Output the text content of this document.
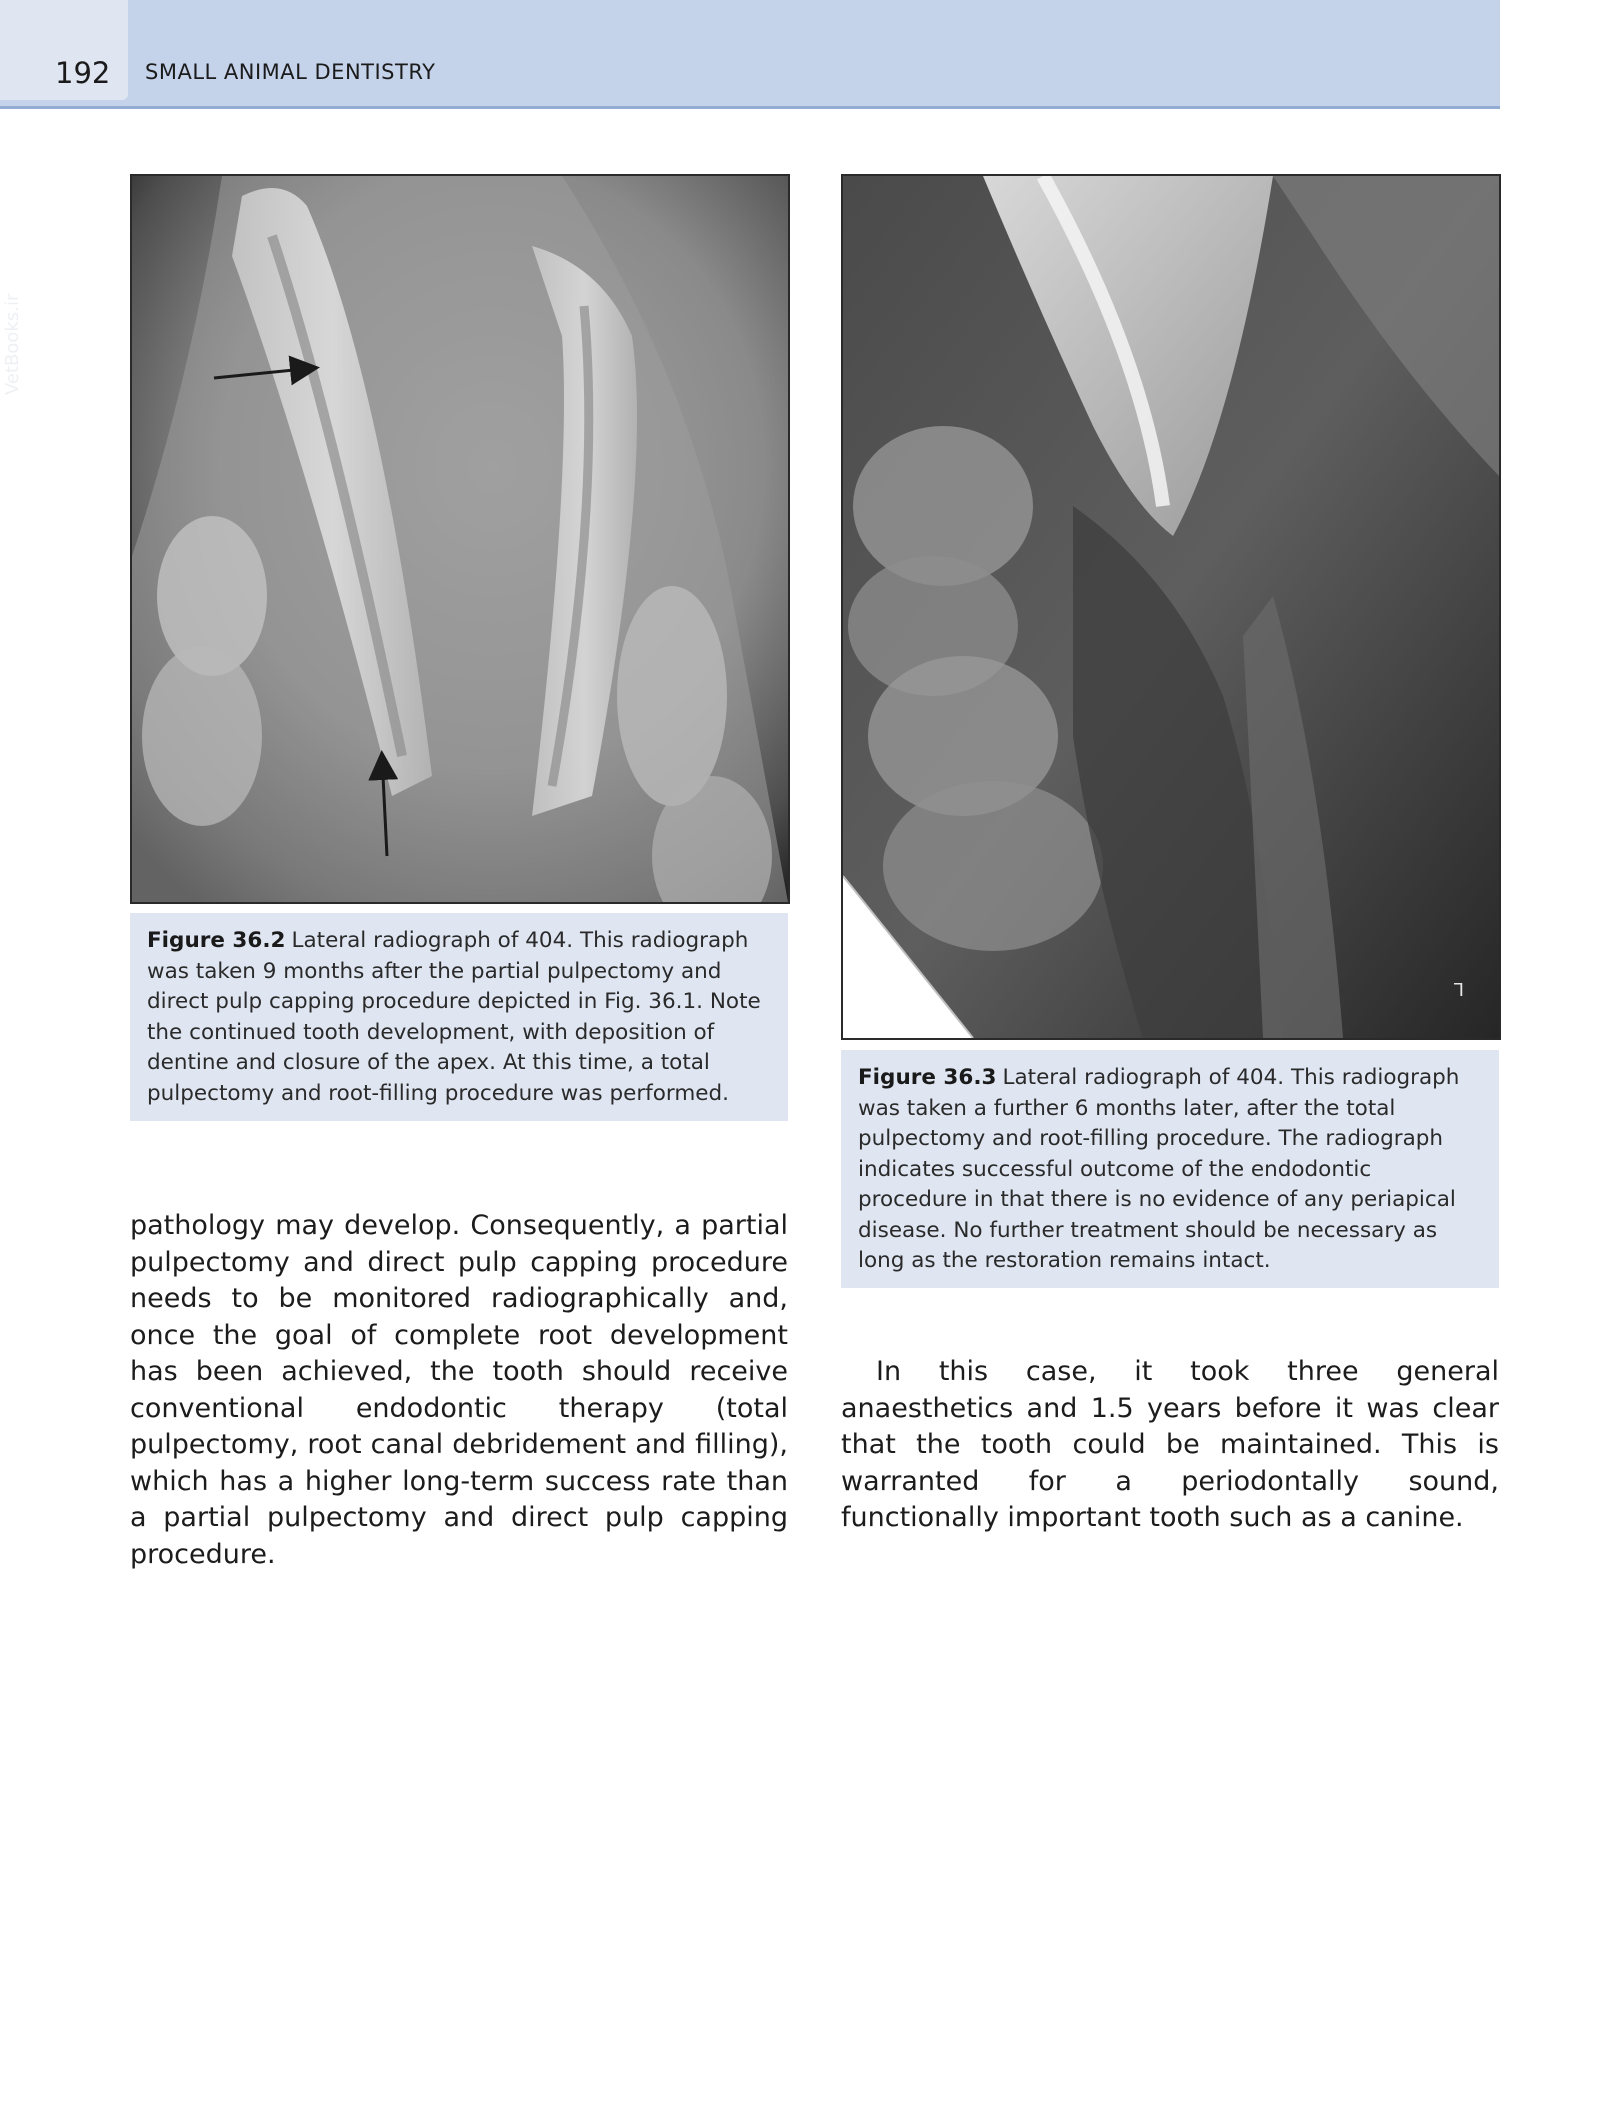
192 SMALL ANIMAL DENTISTRY
VetBooks.ir
Figure 36.2 Lateral radiograph of 404. This radiograph was taken 9 months after the partial pulpectomy and direct pulp capping procedure depicted in Fig. 36.1. Note the continued tooth development, with deposition of dentine and closure of the apex. At this time, a total pulpectomy and root-filling procedure was performed.
ᒣ
Figure 36.3 Lateral radiograph of 404. This radiograph was taken a further 6 months later, after the total pulpectomy and root-filling procedure. The radiograph indicates successful outcome of the endodontic procedure in that there is no evidence of any periapical disease. No further treatment should be necessary as long as the restoration remains intact.
pathology may develop. Consequently, a partial pulpectomy and direct pulp capping procedure needs to be monitored radiographically and, once the goal of complete root development has been achieved, the tooth should receive conventional endodontic therapy (total pulpectomy, root canal debridement and filling), which has a higher long-term success rate than a partial pulpectomy and direct pulp capping procedure.
In this case, it took three general anaesthetics and 1.5 years before it was clear that the tooth could be maintained. This is warranted for a periodontally sound, functionally important tooth such as a canine.
